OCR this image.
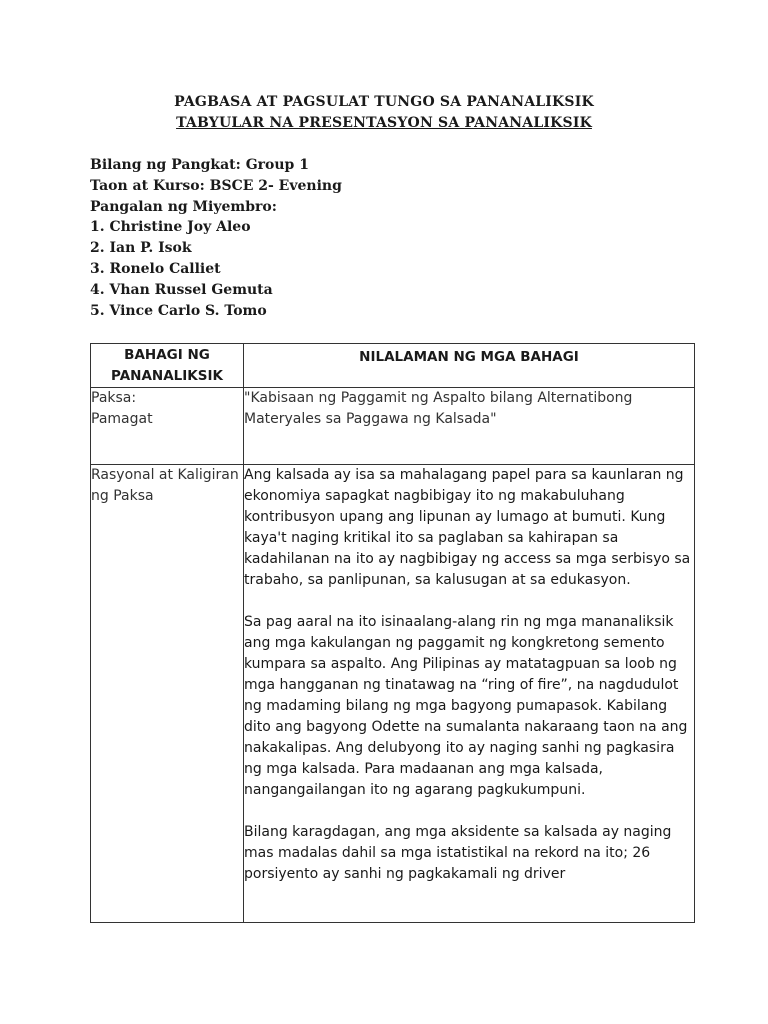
PAGBASA AT PAGSULAT TUNGO SA PANANALIKSIK
TABYULAR NA PRESENTASYON SA PANANALIKSIK
Bilang ng Pangkat: Group 1
Taon at Kurso: BSCE 2- Evening
Pangalan ng Miyembro:
1. Christine Joy Aleo
2. Ian P. Isok
3. Ronelo Calliet
4. Vhan Russel Gemuta
5. Vince Carlo S. Tomo
BAHAGI NG PANANALIKSIK	NILALAMAN NG MGA BAHAGI

Paksa:
Pamagat	"Kabisaan ng Paggamit ng Aspalto bilang Alternatibong Materyales sa Paggawa ng Kalsada"
Rasyonal at Kaligiran ng Paksa	Ang kalsada ay isa sa mahalagang papel para sa kaunlaran ng ekonomiya sapagkat nagbibigay ito ng makabuluhang kontribusyon upang ang lipunan ay lumago at bumuti. Kung kaya't naging kritikal ito sa paglaban sa kahirapan sa kadahilanan na ito ay nagbibigay ng access sa mga serbisyo sa trabaho, sa panlipunan, sa kalusugan at sa edukasyon.

Sa pag aaral na ito isinaalang-alang rin ng mga mananaliksik ang mga kakulangan ng paggamit ng kongkretong semento kumpara sa aspalto. Ang Pilipinas ay matatagpuan sa loob ng mga hangganan ng tinatawag na “ring of fire”, na nagdudulot ng madaming bilang ng mga bagyong pumapasok. Kabilang dito ang bagyong Odette na sumalanta nakaraang taon na ang nakakalipas. Ang delubyong ito ay naging sanhi ng pagkasira ng mga kalsada. Para madaanan ang mga kalsada, nangangailangan ito ng agarang pagkukumpuni.

Bilang karagdagan, ang mga aksidente sa kalsada ay naging mas madalas dahil sa mga istatistikal na rekord na ito; 26 porsiyento ay sanhi ng pagkakamali ng driver
